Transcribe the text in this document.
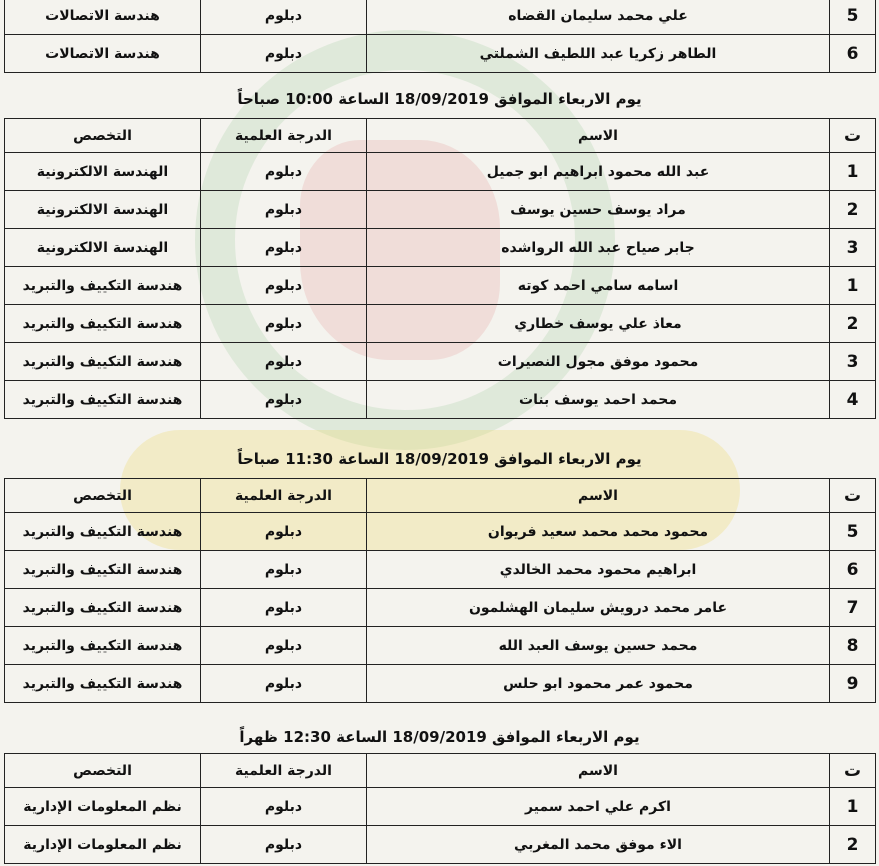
5	علي محمد سليمان القضاه	دبلوم	هندسة الاتصالات
6	الطاهر زكريا عبد اللطيف الشملتي	دبلوم	هندسة الاتصالات
يوم الاربعاء الموافق 18/09/2019 الساعة 10:00 صباحاً
ت	الاسم	الدرجة العلمية	التخصص
1	عبد الله محمود ابراهيم ابو جميل	دبلوم	الهندسة الالكترونية
2	مراد يوسف حسين يوسف	دبلوم	الهندسة الالكترونية
3	جابر صياح عبد الله الرواشده	دبلوم	الهندسة الالكترونية
1	اسامه سامي احمد كوته	دبلوم	هندسة التكييف والتبريد
2	معاذ علي يوسف خطاري	دبلوم	هندسة التكييف والتبريد
3	محمود موفق مجول النصيرات	دبلوم	هندسة التكييف والتبريد
4	محمد احمد يوسف بنات	دبلوم	هندسة التكييف والتبريد
يوم الاربعاء الموافق 18/09/2019 الساعة 11:30 صباحاً
ت	الاسم	الدرجة العلمية	التخصص
5	محمود محمد محمد سعيد فريوان	دبلوم	هندسة التكييف والتبريد
6	ابراهيم محمود محمد الخالدي	دبلوم	هندسة التكييف والتبريد
7	عامر محمد درويش سليمان الهشلمون	دبلوم	هندسة التكييف والتبريد
8	محمد حسين يوسف العبد الله	دبلوم	هندسة التكييف والتبريد
9	محمود عمر محمود ابو حلس	دبلوم	هندسة التكييف والتبريد
يوم الاربعاء الموافق 18/09/2019 الساعة 12:30 ظهراً
ت	الاسم	الدرجة العلمية	التخصص
1	اكرم علي احمد سمير	دبلوم	نظم المعلومات الإدارية
2	الاء موفق محمد المغربي	دبلوم	نظم المعلومات الإدارية
